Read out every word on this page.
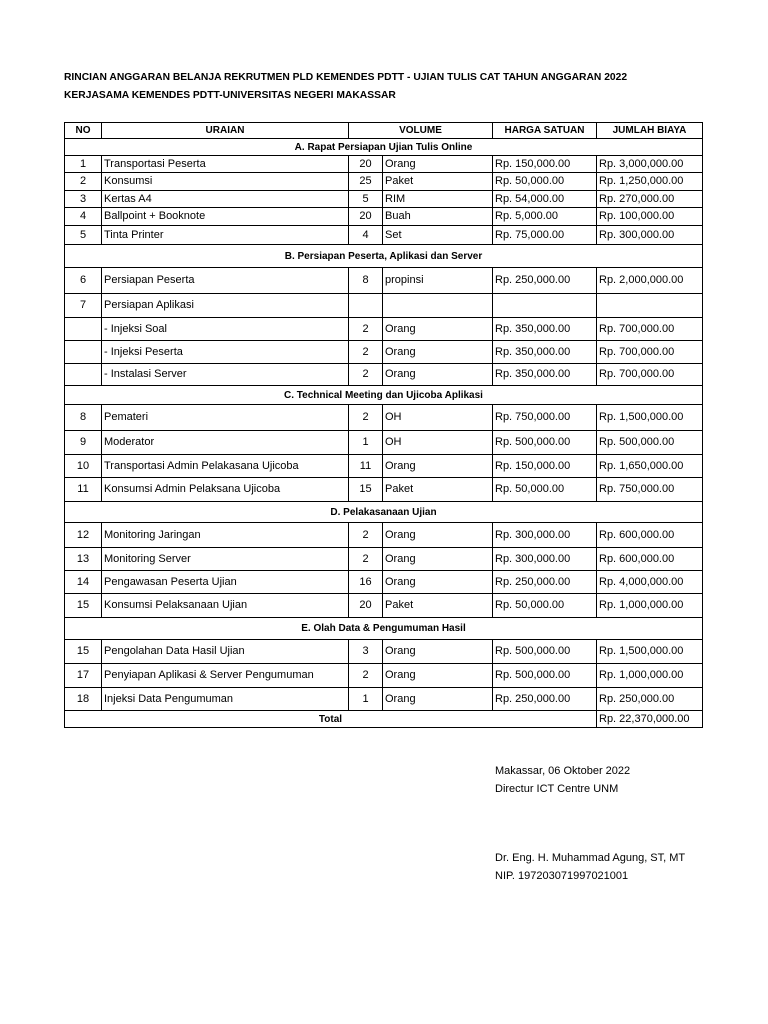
RINCIAN ANGGARAN BELANJA REKRUTMEN PLD KEMENDES PDTT - UJIAN TULIS CAT TAHUN ANGGARAN 2022
KERJASAMA KEMENDES PDTT-UNIVERSITAS NEGERI MAKASSAR
NO	URAIAN	VOLUME		HARGA SATUAN	JUMLAH BIAYA
A. Rapat Persiapan Ujian Tulis Online					
1	Transportasi Peserta	20	Orang	Rp. 150,000.00	Rp. 3,000,000.00
2	Konsumsi	25	Paket	Rp. 50,000.00	Rp. 1,250,000.00
3	Kertas A4	5	RIM	Rp. 54,000.00	Rp. 270,000.00
4	Ballpoint + Booknote	20	Buah	Rp. 5,000.00	Rp. 100,000.00
5	Tinta Printer	4	Set	Rp. 75,000.00	Rp. 300,000.00
B. Persiapan Peserta, Aplikasi dan Server					
6	Persiapan Peserta	8	propinsi	Rp. 250,000.00	Rp. 2,000,000.00
7	Persiapan Aplikasi				
	- Injeksi Soal	2	Orang	Rp. 350,000.00	Rp. 700,000.00
	- Injeksi Peserta	2	Orang	Rp. 350,000.00	Rp. 700,000.00
	- Instalasi Server	2	Orang	Rp. 350,000.00	Rp. 700,000.00
C. Technical Meeting dan Ujicoba Aplikasi					
8	Pemateri	2	OH	Rp. 750,000.00	Rp. 1,500,000.00
9	Moderator	1	OH	Rp. 500,000.00	Rp. 500,000.00
10	Transportasi Admin Pelakasana Ujicoba	11	Orang	Rp. 150,000.00	Rp. 1,650,000.00
11	Konsumsi Admin Pelaksana Ujicoba	15	Paket	Rp. 50,000.00	Rp. 750,000.00
D. Pelakasanaan Ujian					
12	Monitoring Jaringan	2	Orang	Rp. 300,000.00	Rp. 600,000.00
13	Monitoring Server	2	Orang	Rp. 300,000.00	Rp. 600,000.00
14	Pengawasan Peserta Ujian	16	Orang	Rp. 250,000.00	Rp. 4,000,000.00
15	Konsumsi Pelaksanaan Ujian	20	Paket	Rp. 50,000.00	Rp. 1,000,000.00
E. Olah Data & Pengumuman Hasil					
15	Pengolahan Data Hasil Ujian	3	Orang	Rp. 500,000.00	Rp. 1,500,000.00
17	Penyiapan Aplikasi & Server Pengumuman	2	Orang	Rp. 500,000.00	Rp. 1,000,000.00
18	Injeksi Data Pengumuman	1	Orang	Rp. 250,000.00	Rp. 250,000.00
Total					Rp. 22,370,000.00
Makassar, 06 Oktober 2022
Directur ICT Centre UNM
Dr. Eng. H. Muhammad Agung, ST, MT
NIP. 197203071997021001
